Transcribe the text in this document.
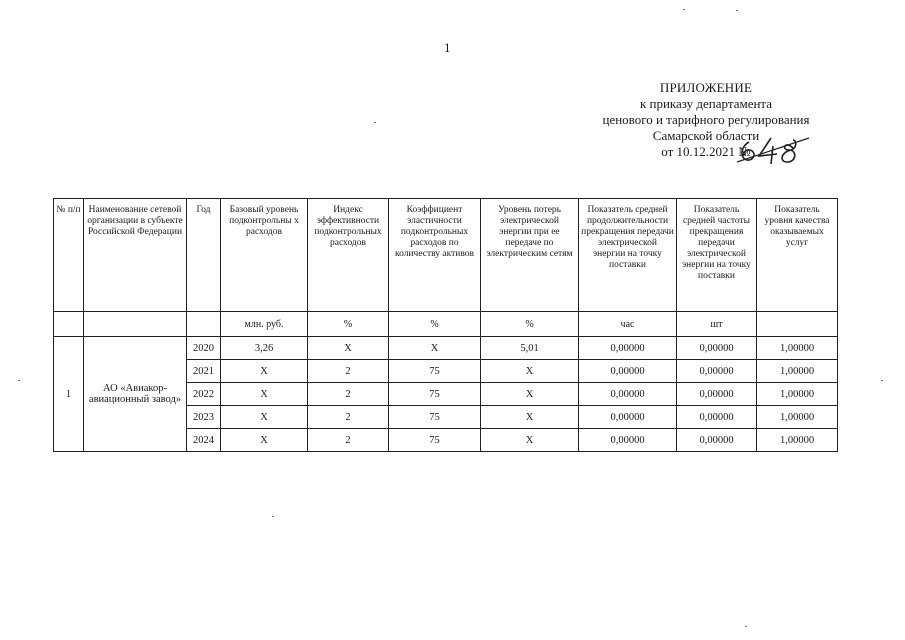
1
ПРИЛОЖЕНИЕ
к приказу департамента
ценового и тарифного регулирования
Самарской области
от 10.12.2021 №
№ п/п	Наименование сетевой организации в субъекте Российской Федерации	Год	Базовый уровень подконтрольны х расходов	Индекс эффективности подконтрольных расходов	Коэффициент эластичности подконтрольных расходов по количеству активов	Уровень потерь электрической энергии при ее передаче по электрическим сетям	Показатель средней продолжительности прекращения передачи электрической энергии на точку поставки	Показатель средней частоты прекращения передачи электрической энергии на точку поставки	Показатель уровня качества оказываемых услуг
			млн. руб.	%	%	%	час	шт	
1	АО «Авиакор-авиационный завод»	2020	3,26	Х	Х	5,01	0,00000	0,00000	1,00000
		2021	Х	2	75	Х	0,00000	0,00000	1,00000
		2022	Х	2	75	Х	0,00000	0,00000	1,00000
		2023	Х	2	75	Х	0,00000	0,00000	1,00000
		2024	Х	2	75	Х	0,00000	0,00000	1,00000
